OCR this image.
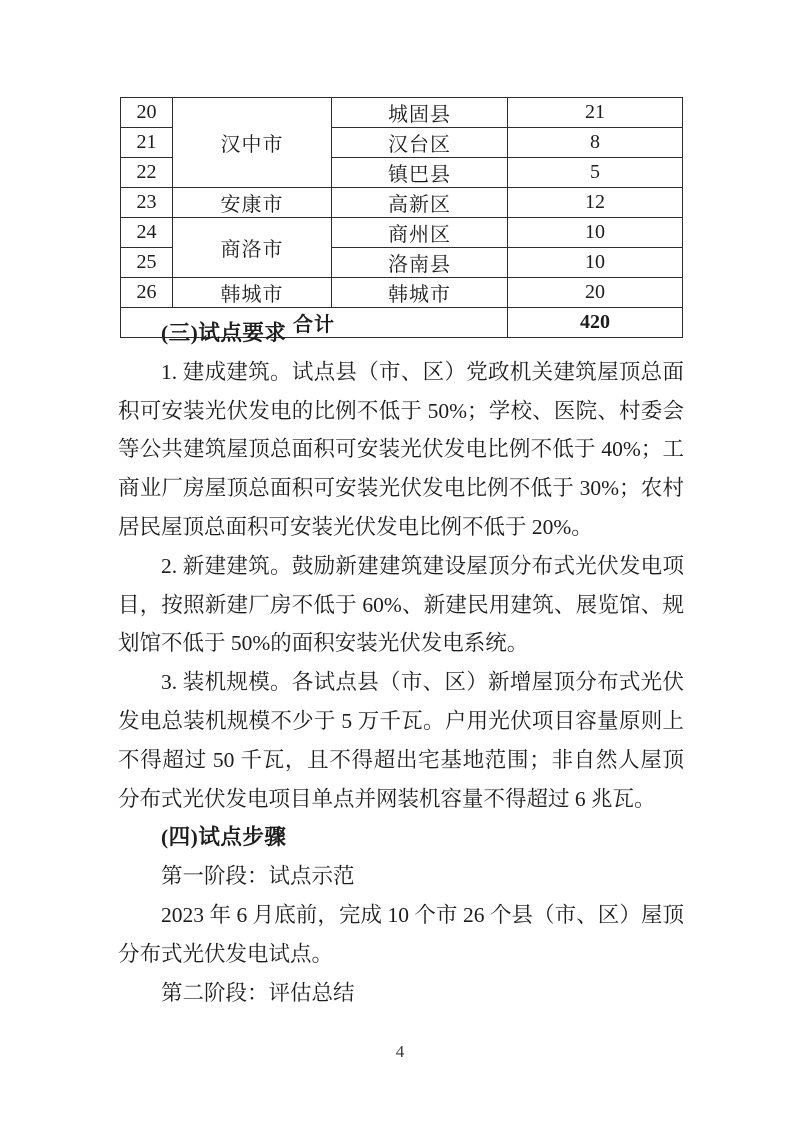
20	汉中市	城固县	21
21		汉台区	8
22		镇巴县	5
23	安康市	高新区	12
24	商洛市	商州区	10
25		洛南县	10
26	韩城市	韩城市	20
合计			420

(三)试点要求

1. 建成建筑。试点县（市、区）党政机关建筑屋顶总面积可安装光伏发电的比例不低于 50%；学校、医院、村委会等公共建筑屋顶总面积可安装光伏发电比例不低于 40%；工商业厂房屋顶总面积可安装光伏发电比例不低于 30%；农村居民屋顶总面积可安装光伏发电比例不低于 20%。

2. 新建建筑。鼓励新建建筑建设屋顶分布式光伏发电项目，按照新建厂房不低于 60%、新建民用建筑、展览馆、规划馆不低于 50%的面积安装光伏发电系统。

3. 装机规模。各试点县（市、区）新增屋顶分布式光伏发电总装机规模不少于 5 万千瓦。户用光伏项目容量原则上不得超过 50 千瓦，且不得超出宅基地范围；非自然人屋顶分布式光伏发电项目单点并网装机容量不得超过 6 兆瓦。

(四)试点步骤

第一阶段：试点示范

2023 年 6 月底前，完成 10 个市 26 个县（市、区）屋顶分布式光伏发电试点。

第二阶段：评估总结

4
